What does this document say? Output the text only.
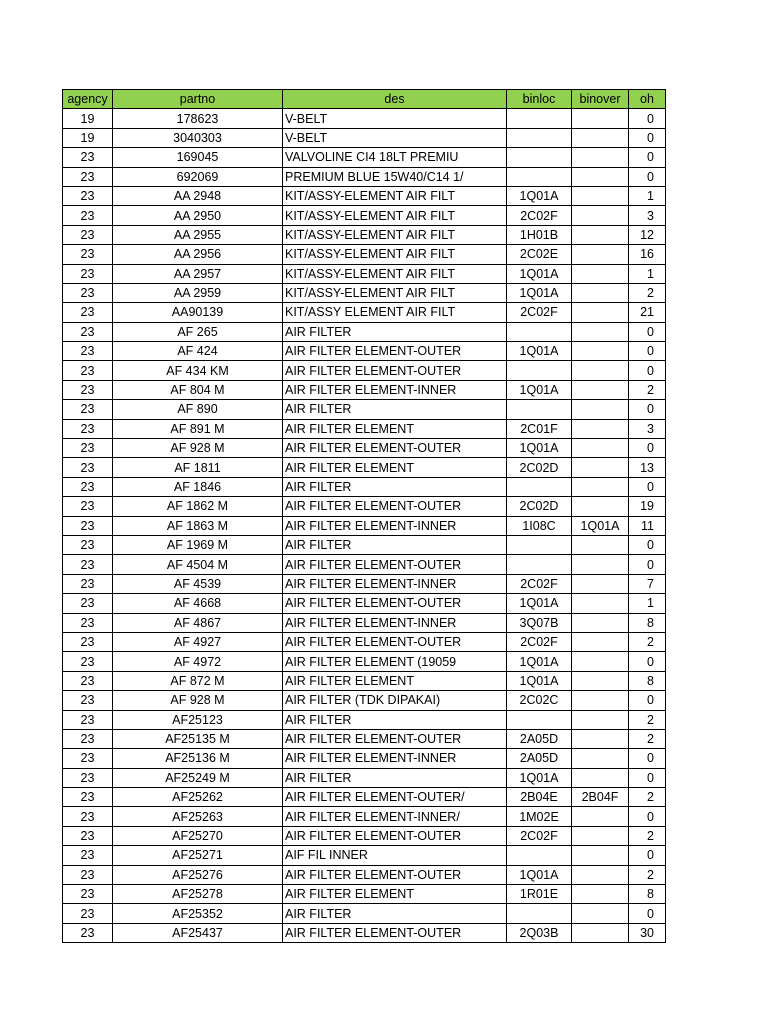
agency	partno	des	binloc	binover	oh
19	178623	V-BELT			0
19	3040303	V-BELT			0
23	169045	VALVOLINE CI4 18LT PREMIU			0
23	692069	PREMIUM BLUE 15W40/C14 1/			0
23	AA 2948	KIT/ASSY-ELEMENT AIR FILT	1Q01A		1
23	AA 2950	KIT/ASSY-ELEMENT AIR FILT	2C02F		3
23	AA 2955	KIT/ASSY-ELEMENT AIR FILT	1H01B		12
23	AA 2956	KIT/ASSY-ELEMENT AIR FILT	2C02E		16
23	AA 2957	KIT/ASSY-ELEMENT AIR FILT	1Q01A		1
23	AA 2959	KIT/ASSY-ELEMENT AIR FILT	1Q01A		2
23	AA90139	KIT/ASSY ELEMENT AIR FILT	2C02F		21
23	AF 265	AIR FILTER			0
23	AF 424	AIR FILTER ELEMENT-OUTER	1Q01A		0
23	AF 434 KM	AIR FILTER ELEMENT-OUTER			0
23	AF 804 M	AIR FILTER ELEMENT-INNER	1Q01A		2
23	AF 890	AIR FILTER			0
23	AF 891 M	AIR FILTER ELEMENT	2C01F		3
23	AF 928 M	AIR FILTER ELEMENT-OUTER	1Q01A		0
23	AF 1811	AIR FILTER ELEMENT	2C02D		13
23	AF 1846	AIR FILTER			0
23	AF 1862 M	AIR FILTER ELEMENT-OUTER	2C02D		19
23	AF 1863 M	AIR FILTER ELEMENT-INNER	1I08C	1Q01A	11
23	AF 1969 M	AIR FILTER			0
23	AF 4504 M	AIR FILTER ELEMENT-OUTER			0
23	AF 4539	AIR FILTER ELEMENT-INNER	2C02F		7
23	AF 4668	AIR FILTER ELEMENT-OUTER	1Q01A		1
23	AF 4867	AIR FILTER ELEMENT-INNER	3Q07B		8
23	AF 4927	AIR FILTER ELEMENT-OUTER	2C02F		2
23	AF 4972	AIR FILTER ELEMENT (19059	1Q01A		0
23	AF 872 M	AIR FILTER ELEMENT	1Q01A		8
23	AF 928 M	AIR FILTER (TDK DIPAKAI)	2C02C		0
23	AF25123	AIR FILTER			2
23	AF25135 M	AIR FILTER ELEMENT-OUTER	2A05D		2
23	AF25136 M	AIR FILTER ELEMENT-INNER	2A05D		0
23	AF25249 M	AIR FILTER	1Q01A		0
23	AF25262	AIR FILTER ELEMENT-OUTER/	2B04E	2B04F	2
23	AF25263	AIR FILTER ELEMENT-INNER/	1M02E		0
23	AF25270	AIR FILTER ELEMENT-OUTER	2C02F		2
23	AF25271	AIF FIL INNER			0
23	AF25276	AIR FILTER ELEMENT-OUTER	1Q01A		2
23	AF25278	AIR FILTER ELEMENT	1R01E		8
23	AF25352	AIR FILTER			0
23	AF25437	AIR FILTER ELEMENT-OUTER	2Q03B		30
